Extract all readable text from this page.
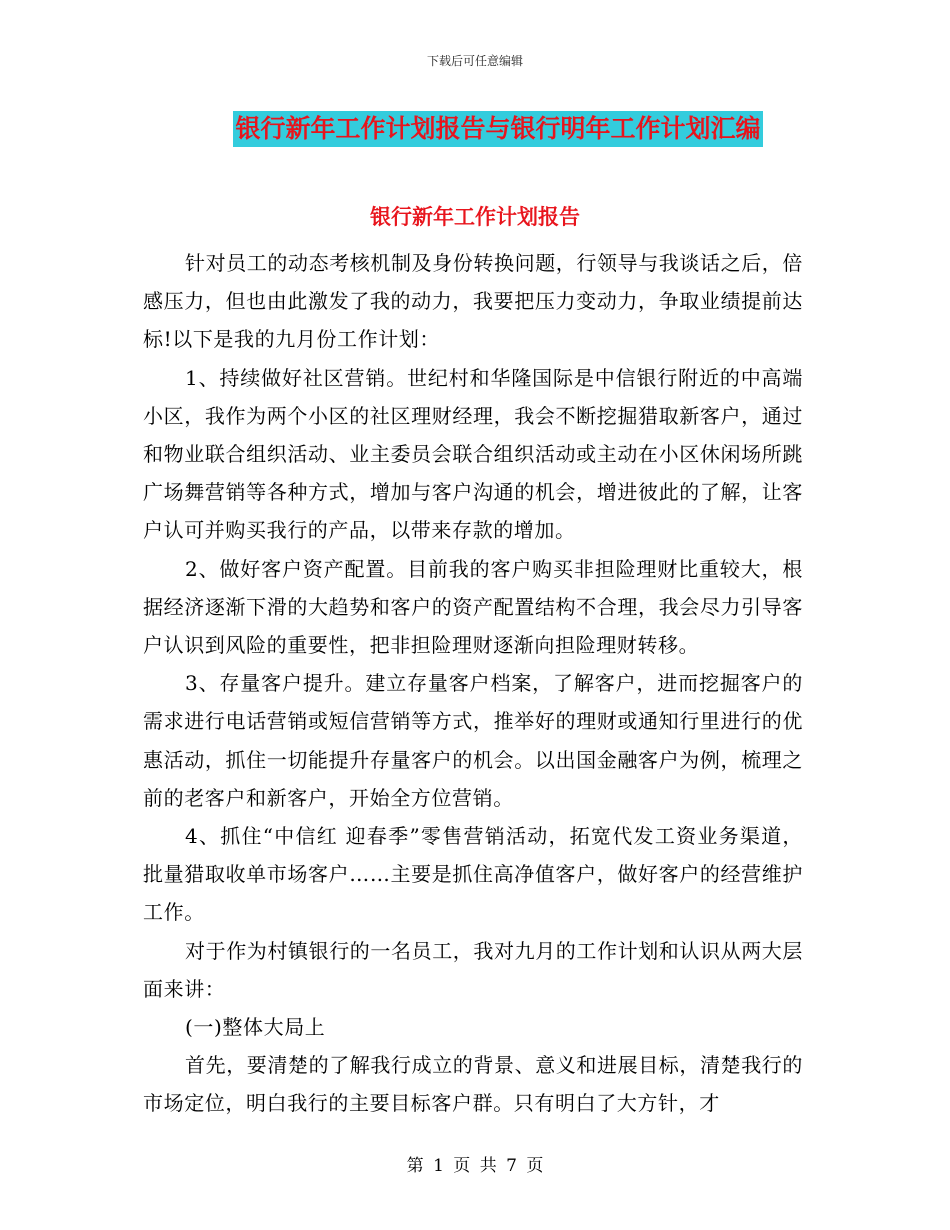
下载后可任意编辑
银行新年工作计划报告与银行明年工作计划汇编
银行新年工作计划报告

针对员工的动态考核机制及身份转换问题，行领导与我谈话之后，倍感压力，但也由此激发了我的动力，我要把压力变动力，争取业绩提前达标!以下是我的九月份工作计划：

1、持续做好社区营销。世纪村和华隆国际是中信银行附近的中高端小区，我作为两个小区的社区理财经理，我会不断挖掘猎取新客户，通过和物业联合组织活动、业主委员会联合组织活动或主动在小区休闲场所跳广场舞营销等各种方式，增加与客户沟通的机会，增进彼此的了解，让客户认可并购买我行的产品，以带来存款的增加。

2、做好客户资产配置。目前我的客户购买非担险理财比重较大，根据经济逐渐下滑的大趋势和客户的资产配置结构不合理，我会尽力引导客户认识到风险的重要性，把非担险理财逐渐向担险理财转移。

3、存量客户提升。建立存量客户档案，了解客户，进而挖掘客户的需求进行电话营销或短信营销等方式，推举好的理财或通知行里进行的优惠活动，抓住一切能提升存量客户的机会。以出国金融客户为例，梳理之前的老客户和新客户，开始全方位营销。

4、抓住“中信红 迎春季”零售营销活动，拓宽代发工资业务渠道，批量猎取收单市场客户……主要是抓住高净值客户，做好客户的经营维护工作。

对于作为村镇银行的一名员工，我对九月的工作计划和认识从两大层面来讲：

(一)整体大局上

首先，要清楚的了解我行成立的背景、意义和进展目标，清楚我行的市场定位，明白我行的主要目标客户群。只有明白了大方针，才

第 1 页 共 7 页
